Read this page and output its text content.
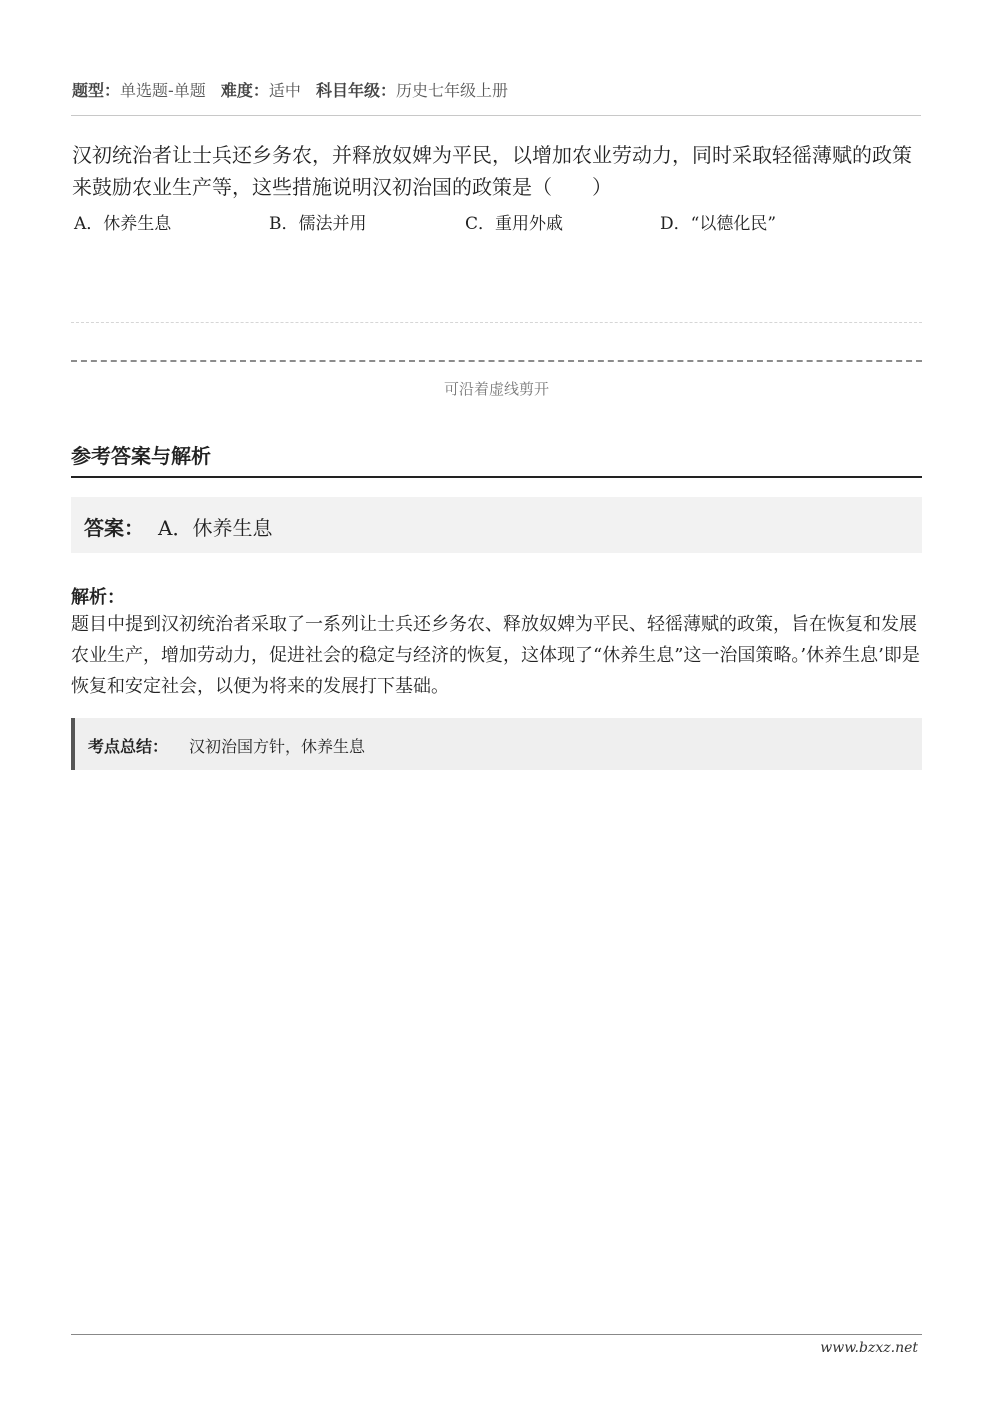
题型：单选题-单题 难度：适中 科目年级：历史七年级上册
汉初统治者让士兵还乡务农，并释放奴婢为平民，以增加农业劳动力，同时采取轻徭薄赋的政策来鼓励农业生产等，这些措施说明汉初治国的政策是（　　）
A．休养生息	B．儒法并用	C．重用外戚	D．“以德化民”
可沿着虚线剪开
参考答案与解析
答案： A．休养生息
解析：
题目中提到汉初统治者采取了一系列让士兵还乡务农、释放奴婢为平民、轻徭薄赋的政策，旨在恢复和发展农业生产，增加劳动力，促进社会的稳定与经济的恢复，这体现了“休养生息”这一治国策略。’休养生息’即是恢复和安定社会，以便为将来的发展打下基础。
考点总结： 汉初治国方针，休养生息
www.bzxz.net
